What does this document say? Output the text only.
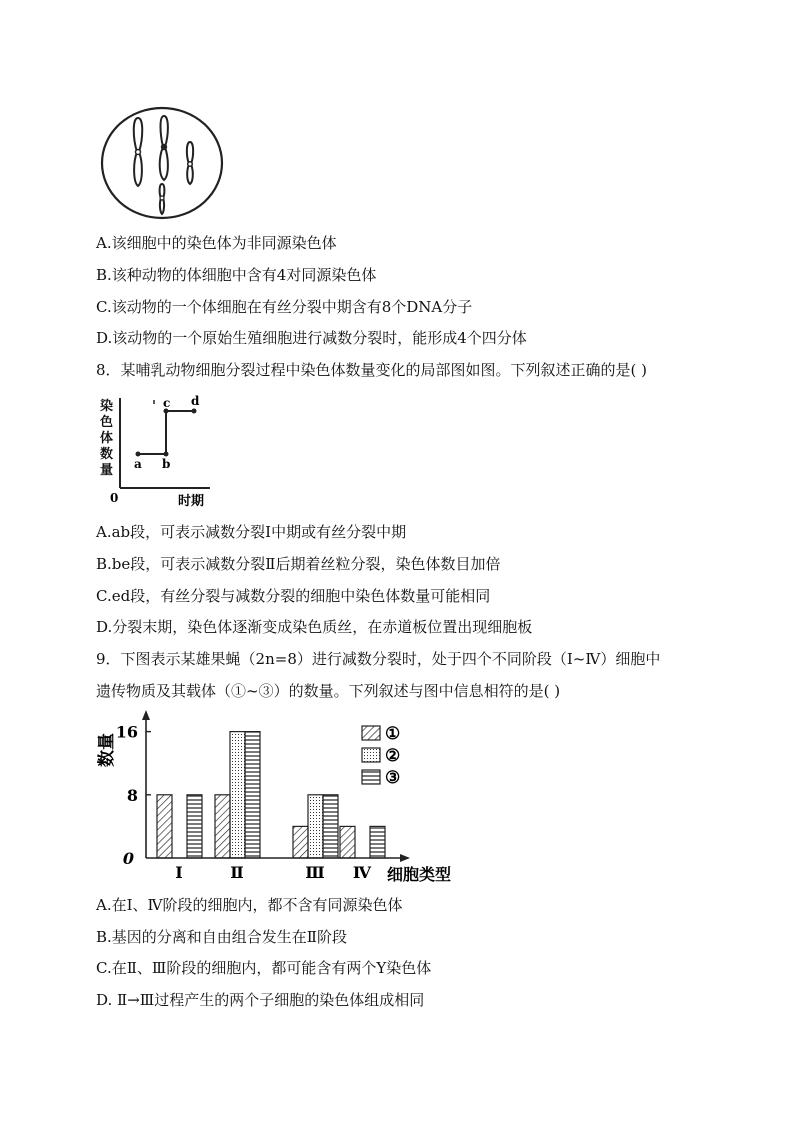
A.该细胞中的染色体为非同源染色体
B.该种动物的体细胞中含有4对同源染色体
C.该动物的一个体细胞在有丝分裂中期含有8个DNA分子
D.该动物的一个原始生殖细胞进行减数分裂时，能形成4个四分体
8．某哺乳动物细胞分裂过程中染色体数量变化的局部图如图。下列叙述正确的是( )
染
色
体
数
量
0	时期
a b
c d
A.ab段，可表示减数分裂Ⅰ中期或有丝分裂中期
B.be段，可表示减数分裂Ⅱ后期着丝粒分裂，染色体数目加倍
C.ed段，有丝分裂与减数分裂的细胞中染色体数量可能相同
D.分裂末期，染色体逐渐变成染色质丝，在赤道板位置出现细胞板
9．下图表示某雄果蝇（2n=8）进行减数分裂时，处于四个不同阶段（Ⅰ~Ⅳ）细胞中
遗传物质及其载体（①~③）的数量。下列叙述与图中信息相符的是( )
数量
8
16
0
Ⅰ	Ⅱ	Ⅲ Ⅳ 细胞类型
①
②
③
A.在Ⅰ、Ⅳ阶段的细胞内，都不含有同源染色体
B.基因的分离和自由组合发生在Ⅱ阶段
C.在Ⅱ、Ⅲ阶段的细胞内，都可能含有两个Y染色体
D. Ⅱ→Ⅲ过程产生的两个子细胞的染色体组成相同
